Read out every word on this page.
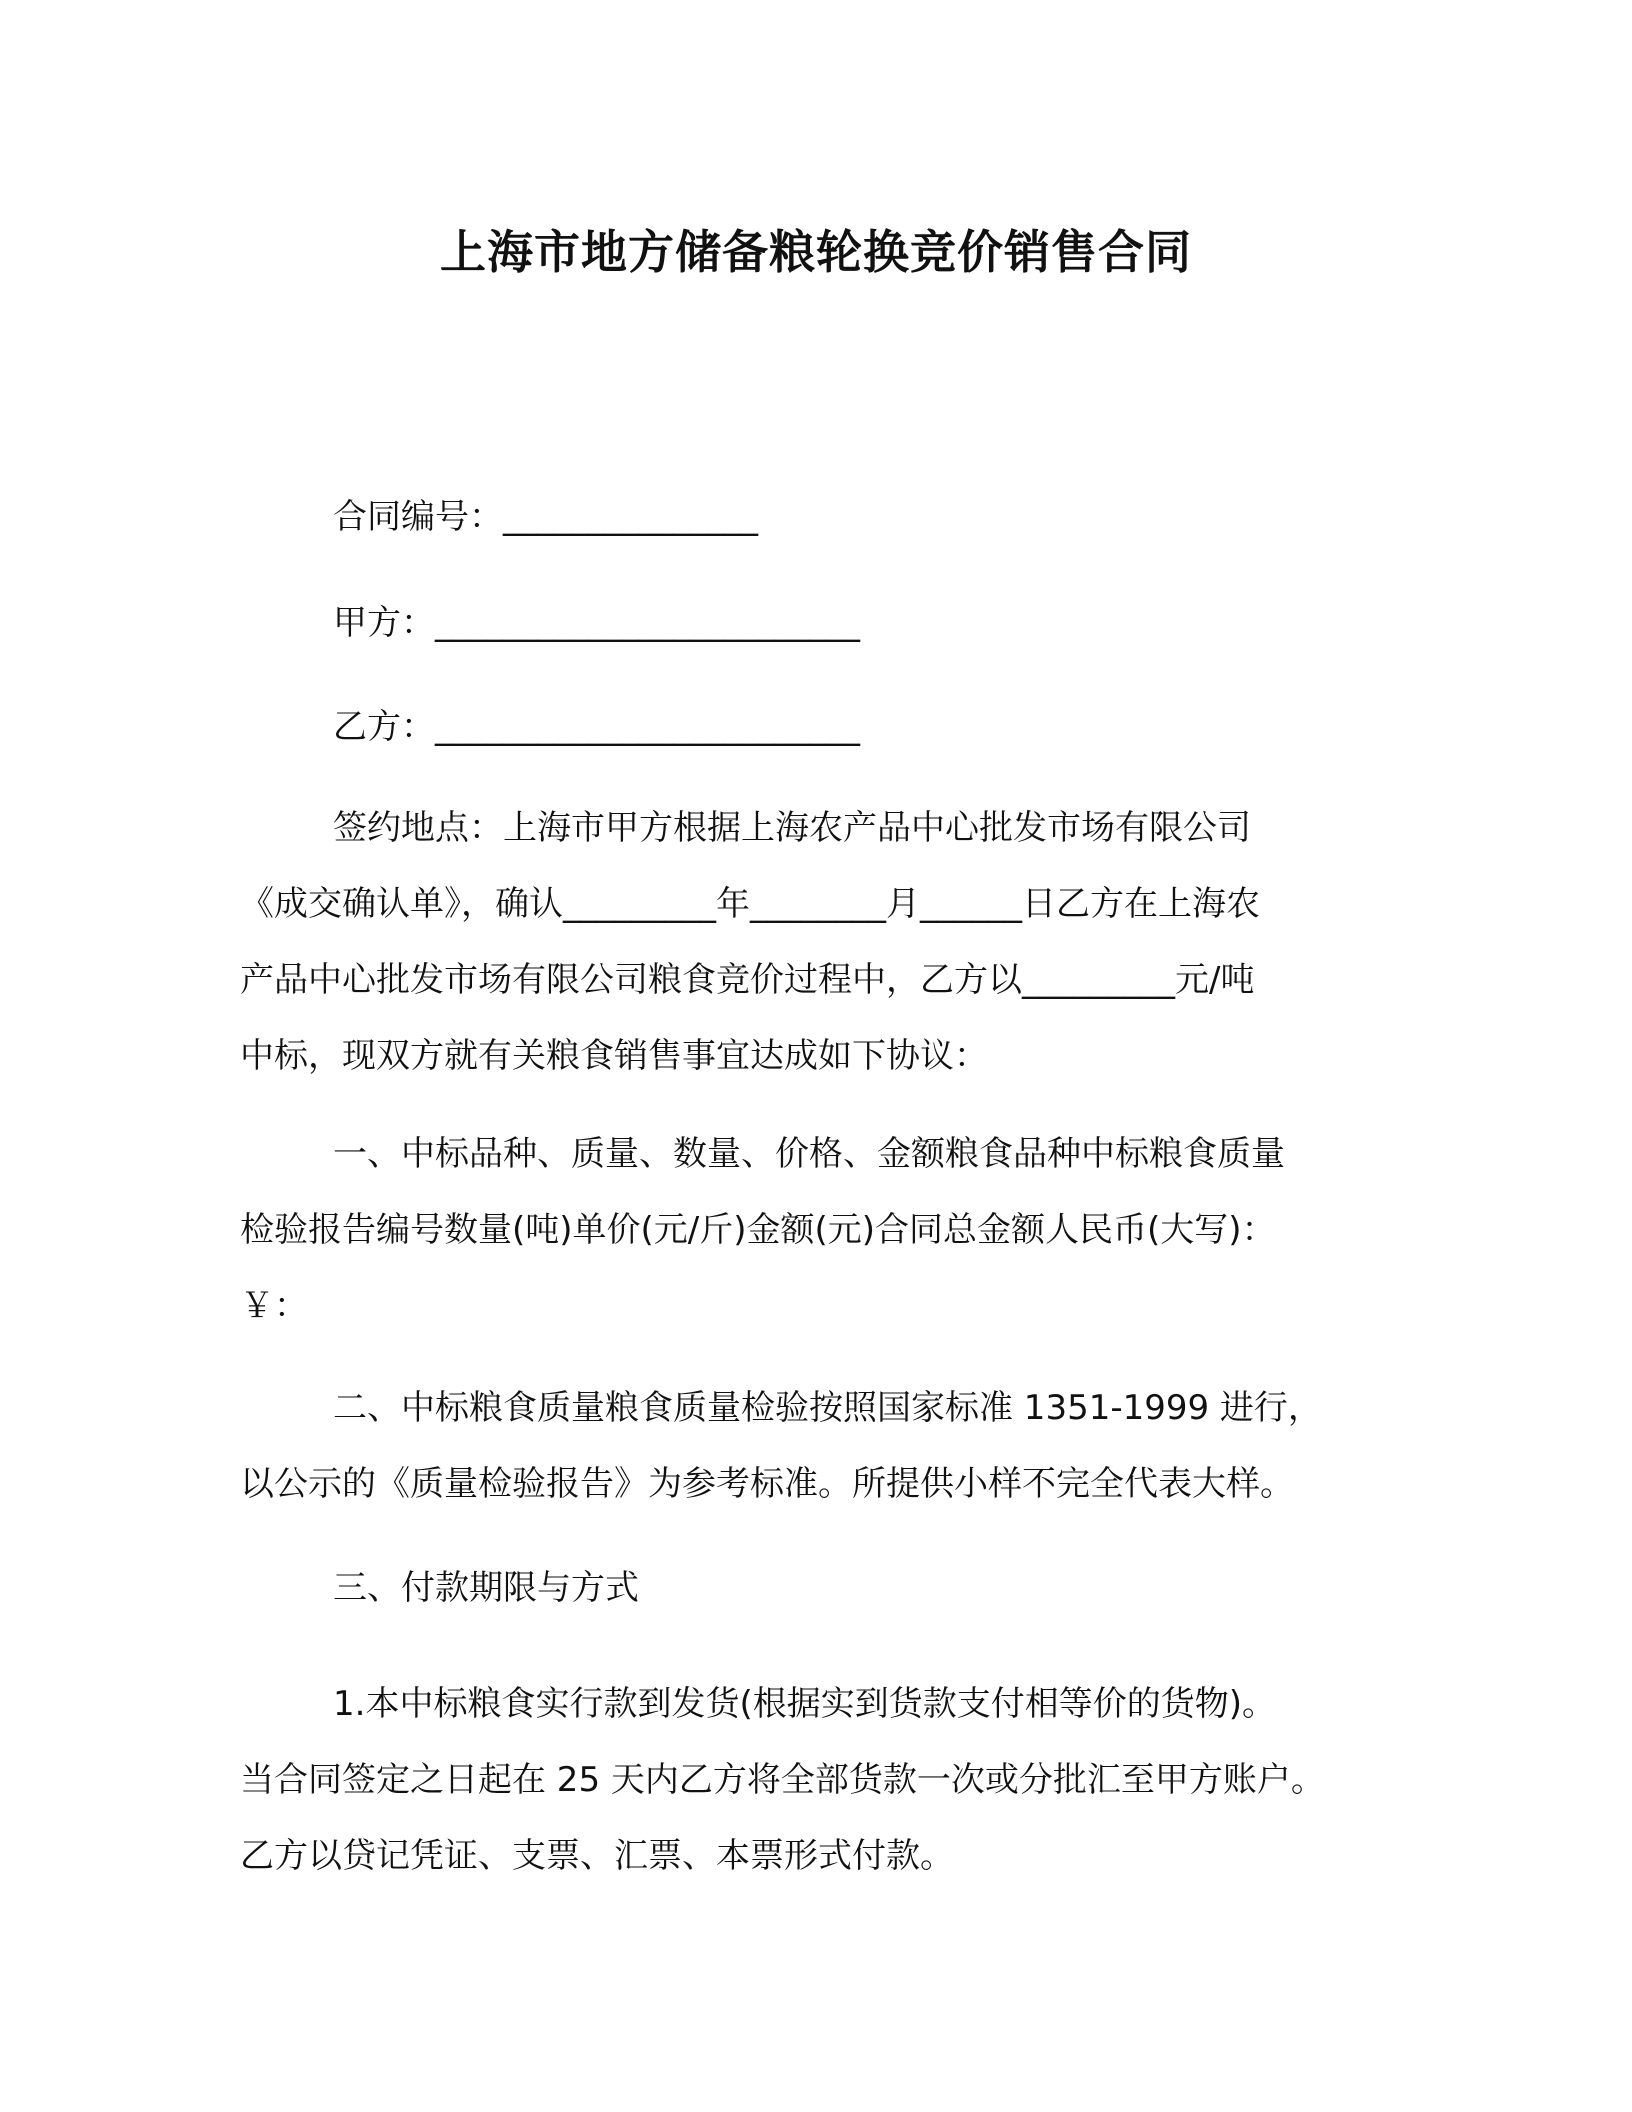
上海市地方储备粮轮换竞价销售合同
合同编号：_______________
甲方：_________________________
乙方：_________________________
签约地点：上海市甲方根据上海农产品中心批发市场有限公司
《成交确认单》，确认_________年________月______日乙方在上海农
产品中心批发市场有限公司粮食竞价过程中，乙方以_________元/吨
中标，现双方就有关粮食销售事宜达成如下协议：
一、中标品种、质量、数量、价格、金额粮食品种中标粮食质量
检验报告编号数量(吨)单价(元/斤)金额(元)合同总金额人民币(大写)：
￥：
二、中标粮食质量粮食质量检验按照国家标准 1351-1999 进行，
以公示的《质量检验报告》为参考标准。所提供小样不完全代表大样。
三、付款期限与方式
1.本中标粮食实行款到发货(根据实到货款支付相等价的货物)。
当合同签定之日起在 25 天内乙方将全部货款一次或分批汇至甲方账户。
乙方以贷记凭证、支票、汇票、本票形式付款。
